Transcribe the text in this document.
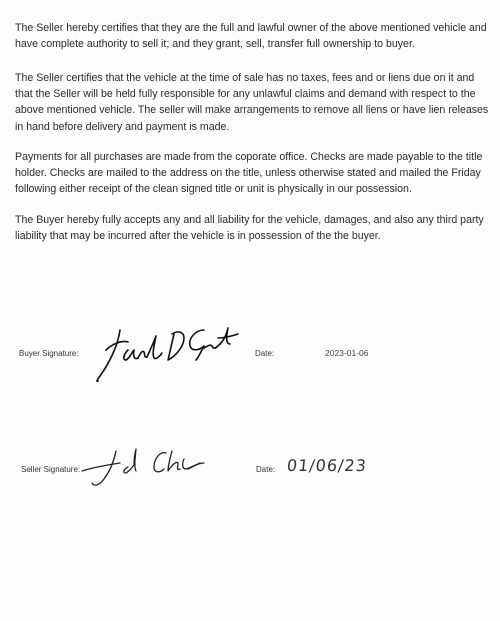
The Seller hereby certifies that they are the full and lawful owner of the above mentioned vehicle and have complete authority to sell it; and they grant, sell, transfer full ownership to buyer.

The Seller certifies that the vehicle at the time of sale has no taxes, fees and or liens due on it and that the Seller will be held fully responsible for any unlawful claims and demand with respect to the above mentioned vehicle. The seller will make arrangements to remove all liens or have lien releases in hand before delivery and payment is made.

Payments for all purchases are made from the coporate office. Checks are made payable to the title holder. Checks are mailed to the address on the title, unless otherwise stated and mailed the Friday following either receipt of the clean signed title or unit is physically in our possession.

The Buyer hereby fully accepts any and all liability for the vehicle, damages, and also any third party liability that may be incurred after the vehicle is in possession of the the buyer.

Buyer Signature:	Date:	2023-01-06
Seller Signature:	Date: 01/06/23
